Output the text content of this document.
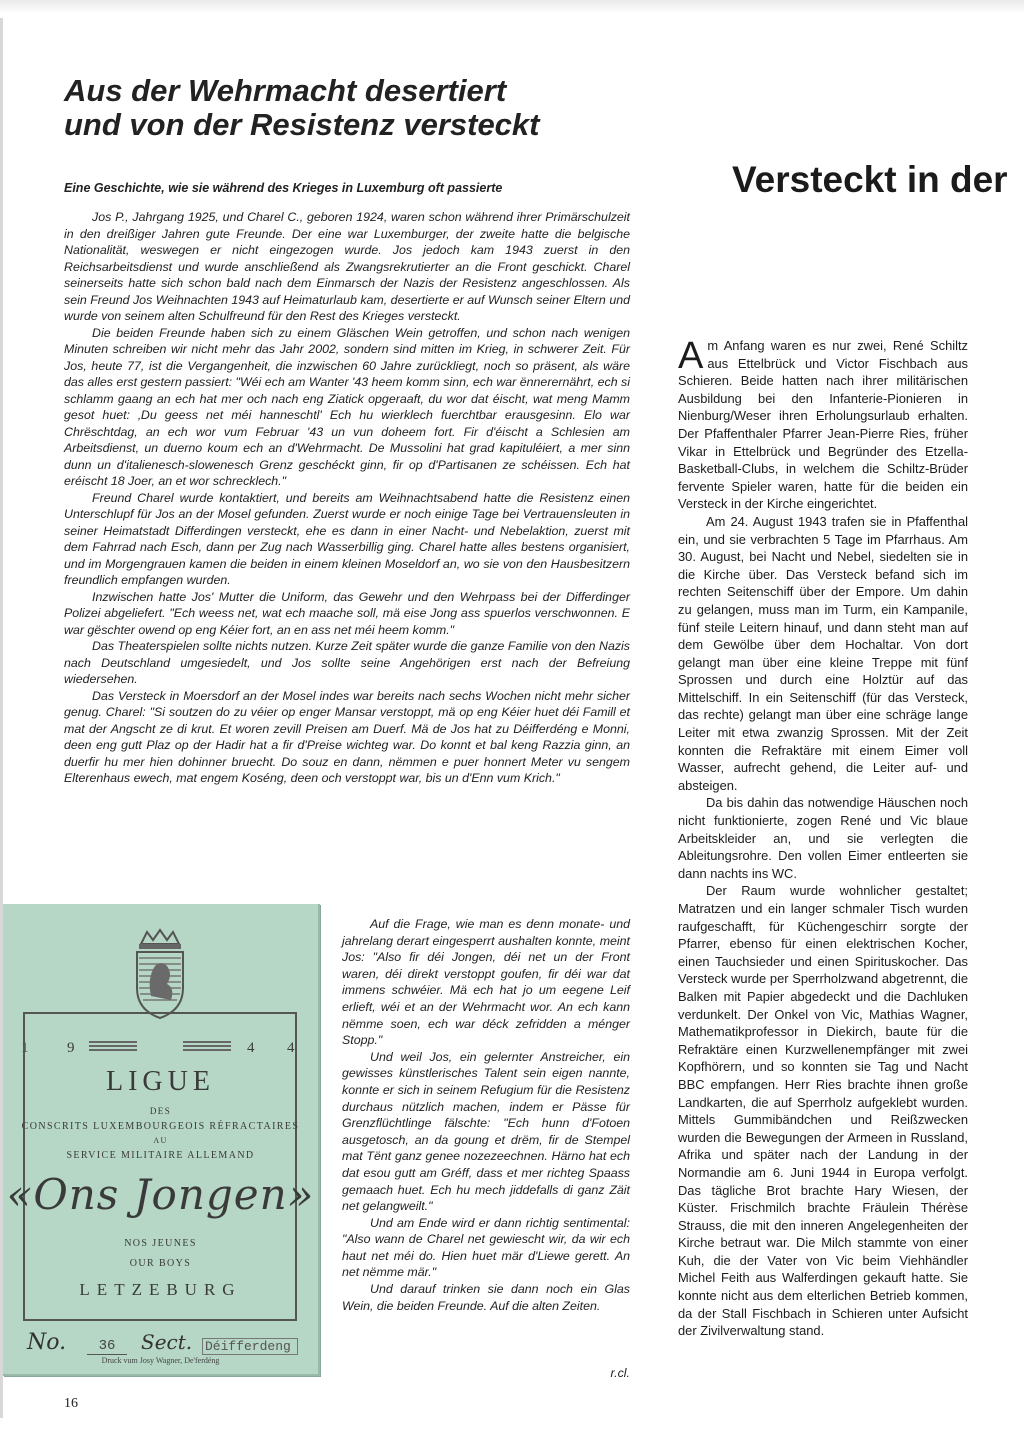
Aus der Wehrmacht desertiert
und von der Resistenz versteckt
Versteckt in der

Eine Geschichte, wie sie während des Krieges in Luxemburg oft passierte

Jos P., Jahrgang 1925, und Charel C., geboren 1924, waren schon während ihrer Primärschulzeit in den dreißiger Jahren gute Freunde. Der eine war Luxemburger, der zweite hatte die belgische Nationalität, weswegen er nicht eingezogen wurde. Jos jedoch kam 1943 zuerst in den Reichsarbeitsdienst und wurde anschließend als Zwangsrekrutierter an die Front geschickt. Charel seinerseits hatte sich schon bald nach dem Einmarsch der Nazis der Resistenz angeschlossen. Als sein Freund Jos Weihnachten 1943 auf Heimaturlaub kam, desertierte er auf Wunsch seiner Eltern und wurde von seinem alten Schulfreund für den Rest des Krieges versteckt.

Die beiden Freunde haben sich zu einem Gläschen Wein getroffen, und schon nach wenigen Minuten schreiben wir nicht mehr das Jahr 2002, sondern sind mitten im Krieg, in schwerer Zeit. Für Jos, heute 77, ist die Vergangenheit, die inzwischen 60 Jahre zurückliegt, noch so präsent, als wäre das alles erst gestern passiert: "Wéi ech am Wanter '43 heem komm sinn, ech war ënnerernährt, ech si schlamm gaang an ech hat mer och nach eng Ziatick opgeraaft, du wor dat éischt, wat meng Mamm gesot huet: ‚Du geess net méi hanneschtl' Ech hu wierklech fuerchtbar erausgesinn. Elo war Chrëschtdag, an ech wor vum Februar '43 un vun doheem fort. Fir d'éischt a Schlesien am Arbeitsdienst, un duerno koum ech an d'Wehrmacht. De Mussolini hat grad kapituléiert, a mer sinn dunn un d'italienesch-slowenesch Grenz geschéckt ginn, fir op d'Partisanen ze schéissen. Ech hat eréischt 18 Joer, an et wor schrecklech."

Freund Charel wurde kontaktiert, und bereits am Weihnachtsabend hatte die Resistenz einen Unterschlupf für Jos an der Mosel gefunden. Zuerst wurde er noch einige Tage bei Vertrauensleuten in seiner Heimatstadt Differdingen versteckt, ehe es dann in einer Nacht- und Nebelaktion, zuerst mit dem Fahrrad nach Esch, dann per Zug nach Wasserbillig ging. Charel hatte alles bestens organisiert, und im Morgengrauen kamen die beiden in einem kleinen Moseldorf an, wo sie von den Hausbesitzern freundlich empfangen wurden.

Inzwischen hatte Jos' Mutter die Uniform, das Gewehr und den Wehrpass bei der Differdinger Polizei abgeliefert. "Ech weess net, wat ech maache soll, mä eise Jong ass spuerlos verschwonnen. E war gëschter owend op eng Kéier fort, an en ass net méi heem komm."

Das Theaterspielen sollte nichts nutzen. Kurze Zeit später wurde die ganze Familie von den Nazis nach Deutschland umgesiedelt, und Jos sollte seine Angehörigen erst nach der Befreiung wiedersehen.

Das Versteck in Moersdorf an der Mosel indes war bereits nach sechs Wochen nicht mehr sicher genug. Charel: "Si soutzen do zu véier op enger Mansar verstoppt, mä op eng Kéier huet déi Famill et mat der Angscht ze di krut. Et woren zevill Preisen am Duerf. Mä de Jos hat zu Déifferdéng e Monni, deen eng gutt Plaz op der Hadir hat a fir d'Preise wichteg war. Do konnt et bal keng Razzia ginn, an duerfir hu mer hien dohinner bruecht. Do souz en dann, nëmmen e puer honnert Meter vu sengem Elterenhaus ewech, mat engem Koséng, deen och verstoppt war, bis un d'Enn vum Krich."

1 9	4 4
LIGUE
DES
CONSCRITS LUXEMBOURGEOIS RÉFRACTAIRES
AU
SERVICE MILITAIRE ALLEMAND
«Ons Jongen»
NOS JEUNES
OUR BOYS
LETZEBURG
No.	36	Sect. Déifferdeng
Druck vum Josy Wagner, De'ferdéng

Auf die Frage, wie man es denn monate- und jahrelang derart eingesperrt aushalten konnte, meint Jos: "Also fir déi Jongen, déi net un der Front waren, déi direkt verstoppt goufen, fir déi war dat immens schwéier. Mä ech hat jo um eegene Leif erlieft, wéi et an der Wehrmacht wor. An ech kann nëmme soen, ech war déck zefridden a ménger Stopp."

Und weil Jos, ein gelernter Anstreicher, ein gewisses künstlerisches Talent sein eigen nannte, konnte er sich in seinem Refugium für die Resistenz durchaus nützlich machen, indem er Pässe für Grenzflüchtlinge fälschte: "Ech hunn d'Fotoen ausgetosch, an da goung et drëm, fir de Stempel mat Tënt ganz genee nozezeechnen. Härno hat ech dat esou gutt am Gréff, dass et mer richteg Spaass gemaach huet. Ech hu mech jiddefalls di ganz Zäit net gelangweilt."

Und am Ende wird er dann richtig sentimental: "Also wann de Charel net gewiescht wir, da wir ech haut net méi do. Hien huet mär d'Liewe gerett. An net nëmme mär."

Und darauf trinken sie dann noch ein Glas Wein, die beiden Freunde. Auf die alten Zeiten.

r.cl.

Am Anfang waren es nur zwei, René Schiltz aus Ettelbrück und Victor Fischbach aus Schieren. Beide hatten nach ihrer militärischen Ausbildung bei den Infanterie-Pionieren in Nienburg/Weser ihren Erholungsurlaub erhalten. Der Pfaffenthaler Pfarrer Jean-Pierre Ries, früher Vikar in Ettelbrück und Begründer des Etzella-Basketball-Clubs, in welchem die Schiltz-Brüder fervente Spieler waren, hatte für die beiden ein Versteck in der Kirche eingerichtet.

Am 24. August 1943 trafen sie in Pfaffenthal ein, und sie verbrachten 5 Tage im Pfarrhaus. Am 30. August, bei Nacht und Nebel, siedelten sie in die Kirche über. Das Versteck befand sich im rechten Seitenschiff über der Empore. Um dahin zu gelangen, muss man im Turm, ein Kampanile, fünf steile Leitern hinauf, und dann steht man auf dem Gewölbe über dem Hochaltar. Von dort gelangt man über eine kleine Treppe mit fünf Sprossen und durch eine Holztür auf das Mittelschiff. In ein Seitenschiff (für das Versteck, das rechte) gelangt man über eine schräge lange Leiter mit etwa zwanzig Sprossen. Mit der Zeit konnten die Refraktäre mit einem Eimer voll Wasser, aufrecht gehend, die Leiter auf- und absteigen.

Da bis dahin das notwendige Häuschen noch nicht funktionierte, zogen René und Vic blaue Arbeitskleider an, und sie verlegten die Ableitungsrohre. Den vollen Eimer entleerten sie dann nachts ins WC.

Der Raum wurde wohnlicher gestaltet; Matratzen und ein langer schmaler Tisch wurden raufgeschafft, für Küchengeschirr sorgte der Pfarrer, ebenso für einen elektrischen Kocher, einen Tauchsieder und einen Spirituskocher. Das Versteck wurde per Sperrholzwand abgetrennt, die Balken mit Papier abgedeckt und die Dachluken verdunkelt. Der Onkel von Vic, Mathias Wagner, Mathematikprofessor in Diekirch, baute für die Refraktäre einen Kurzwellenempfänger mit zwei Kopfhörern, und so konnten sie Tag und Nacht BBC empfangen. Herr Ries brachte ihnen große Landkarten, die auf Sperrholz aufgeklebt wurden. Mittels Gummibändchen und Reißzwecken wurden die Bewegungen der Armeen in Russland, Afrika und später nach der Landung in der Normandie am 6. Juni 1944 in Europa verfolgt. Das tägliche Brot brachte Hary Wiesen, der Küster. Frischmilch brachte Fräulein Thérèse Strauss, die mit den inneren Angelegenheiten der Kirche betraut war. Die Milch stammte von einer Kuh, die der Vater von Vic beim Viehhändler Michel Feith aus Walferdingen gekauft hatte. Sie konnte nicht aus dem elterlichen Betrieb kommen, da der Stall Fischbach in Schieren unter Aufsicht der Zivilverwaltung stand.

16
